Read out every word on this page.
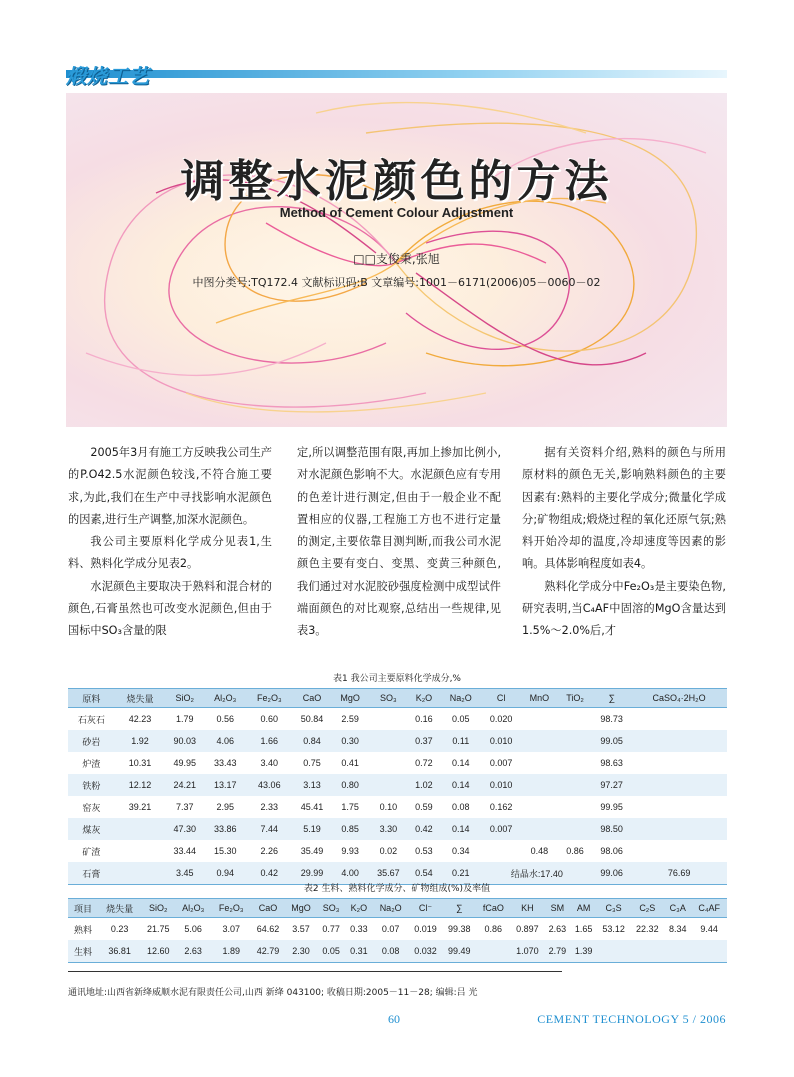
煅烧工艺
调整水泥颜色的方法
Method of Cement Colour Adjustment
□□支俊秉,张旭
中图分类号:TQ172.4 文献标识码:B 文章编号:1001－6171(2006)05－0060－02

2005年3月有施工方反映我公司生产的P.O42.5水泥颜色较浅,不符合施工要求,为此,我们在生产中寻找影响水泥颜色的因素,进行生产调整,加深水泥颜色。

我公司主要原料化学成分见表1,生料、熟料化学成分见表2。

水泥颜色主要取决于熟料和混合材的颜色,石膏虽然也可改变水泥颜色,但由于国标中SO₃含量的限

定,所以调整范围有限,再加上掺加比例小,对水泥颜色影响不大。水泥颜色应有专用的色差计进行测定,但由于一般企业不配置相应的仪器,工程施工方也不进行定量的测定,主要依靠目测判断,而我公司水泥颜色主要有变白、变黑、变黄三种颜色,我们通过对水泥胶砂强度检测中成型试件端面颜色的对比观察,总结出一些规律,见表3。

据有关资料介绍,熟料的颜色与所用原材料的颜色无关,影响熟料颜色的主要因素有:熟料的主要化学成分;微量化学成分;矿物组成;煅烧过程的氧化还原气氛;熟料开始冷却的温度,冷却速度等因素的影响。具体影响程度如表4。

熟料化学成分中Fe₂O₃是主要染色物,研究表明,当C₄AF中固溶的MgO含量达到1.5%～2.0%后,才

表1 我公司主要原料化学成分,%
原料	烧失量	SiO₂	Al₂O₃	Fe₂O₃	CaO	MgO	SO₃	K₂O	Na₂O	Cl	MnO	TiO₂	∑	CaSO₄·2H₂O
石灰石	42.23	1.79	0.56	0.60	50.84	2.59		0.16	0.05	0.020			98.73	
砂岩	1.92	90.03	4.06	1.66	0.84	0.30		0.37	0.11	0.010			99.05	
炉渣	10.31	49.95	33.43	3.40	0.75	0.41		0.72	0.14	0.007			98.63	
铁粉	12.12	24.21	13.17	43.06	3.13	0.80		1.02	0.14	0.010			97.27	
窑灰	39.21	7.37	2.95	2.33	45.41	1.75	0.10	0.59	0.08	0.162			99.95	
煤灰		47.30	33.86	7.44	5.19	0.85	3.30	0.42	0.14	0.007			98.50	
矿渣		33.44	15.30	2.26	35.49	9.93	0.02	0.53	0.34		0.48	0.86	98.06	
石膏		3.45	0.94	0.42	29.99	4.00	35.67	0.54	0.21	结晶水:17.40			99.06	76.69
表2 生料、熟料化学成分、矿物组成(%)及率值
项目	烧失量	SiO₂	Al₂O₃	Fe₂O₃	CaO	MgO	SO₃	K₂O	Na₂O	Cl⁻	∑	fCaO	KH	SM	AM	C₃S	C₂S	C₃A	C₄AF
熟料	0.23	21.75	5.06	3.07	64.62	3.57	0.77	0.33	0.07	0.019	99.38	0.86	0.897	2.63	1.65	53.12	22.32	8.34	9.44
生料	36.81	12.60	2.63	1.89	42.79	2.30	0.05	0.31	0.08	0.032	99.49		1.070	2.79	1.39				
通讯地址:山西省新绛威顺水泥有限责任公司,山西 新绛 043100; 收稿日期:2005－11－28; 编辑:吕 光
60	CEMENT TECHNOLOGY 5 / 2006
